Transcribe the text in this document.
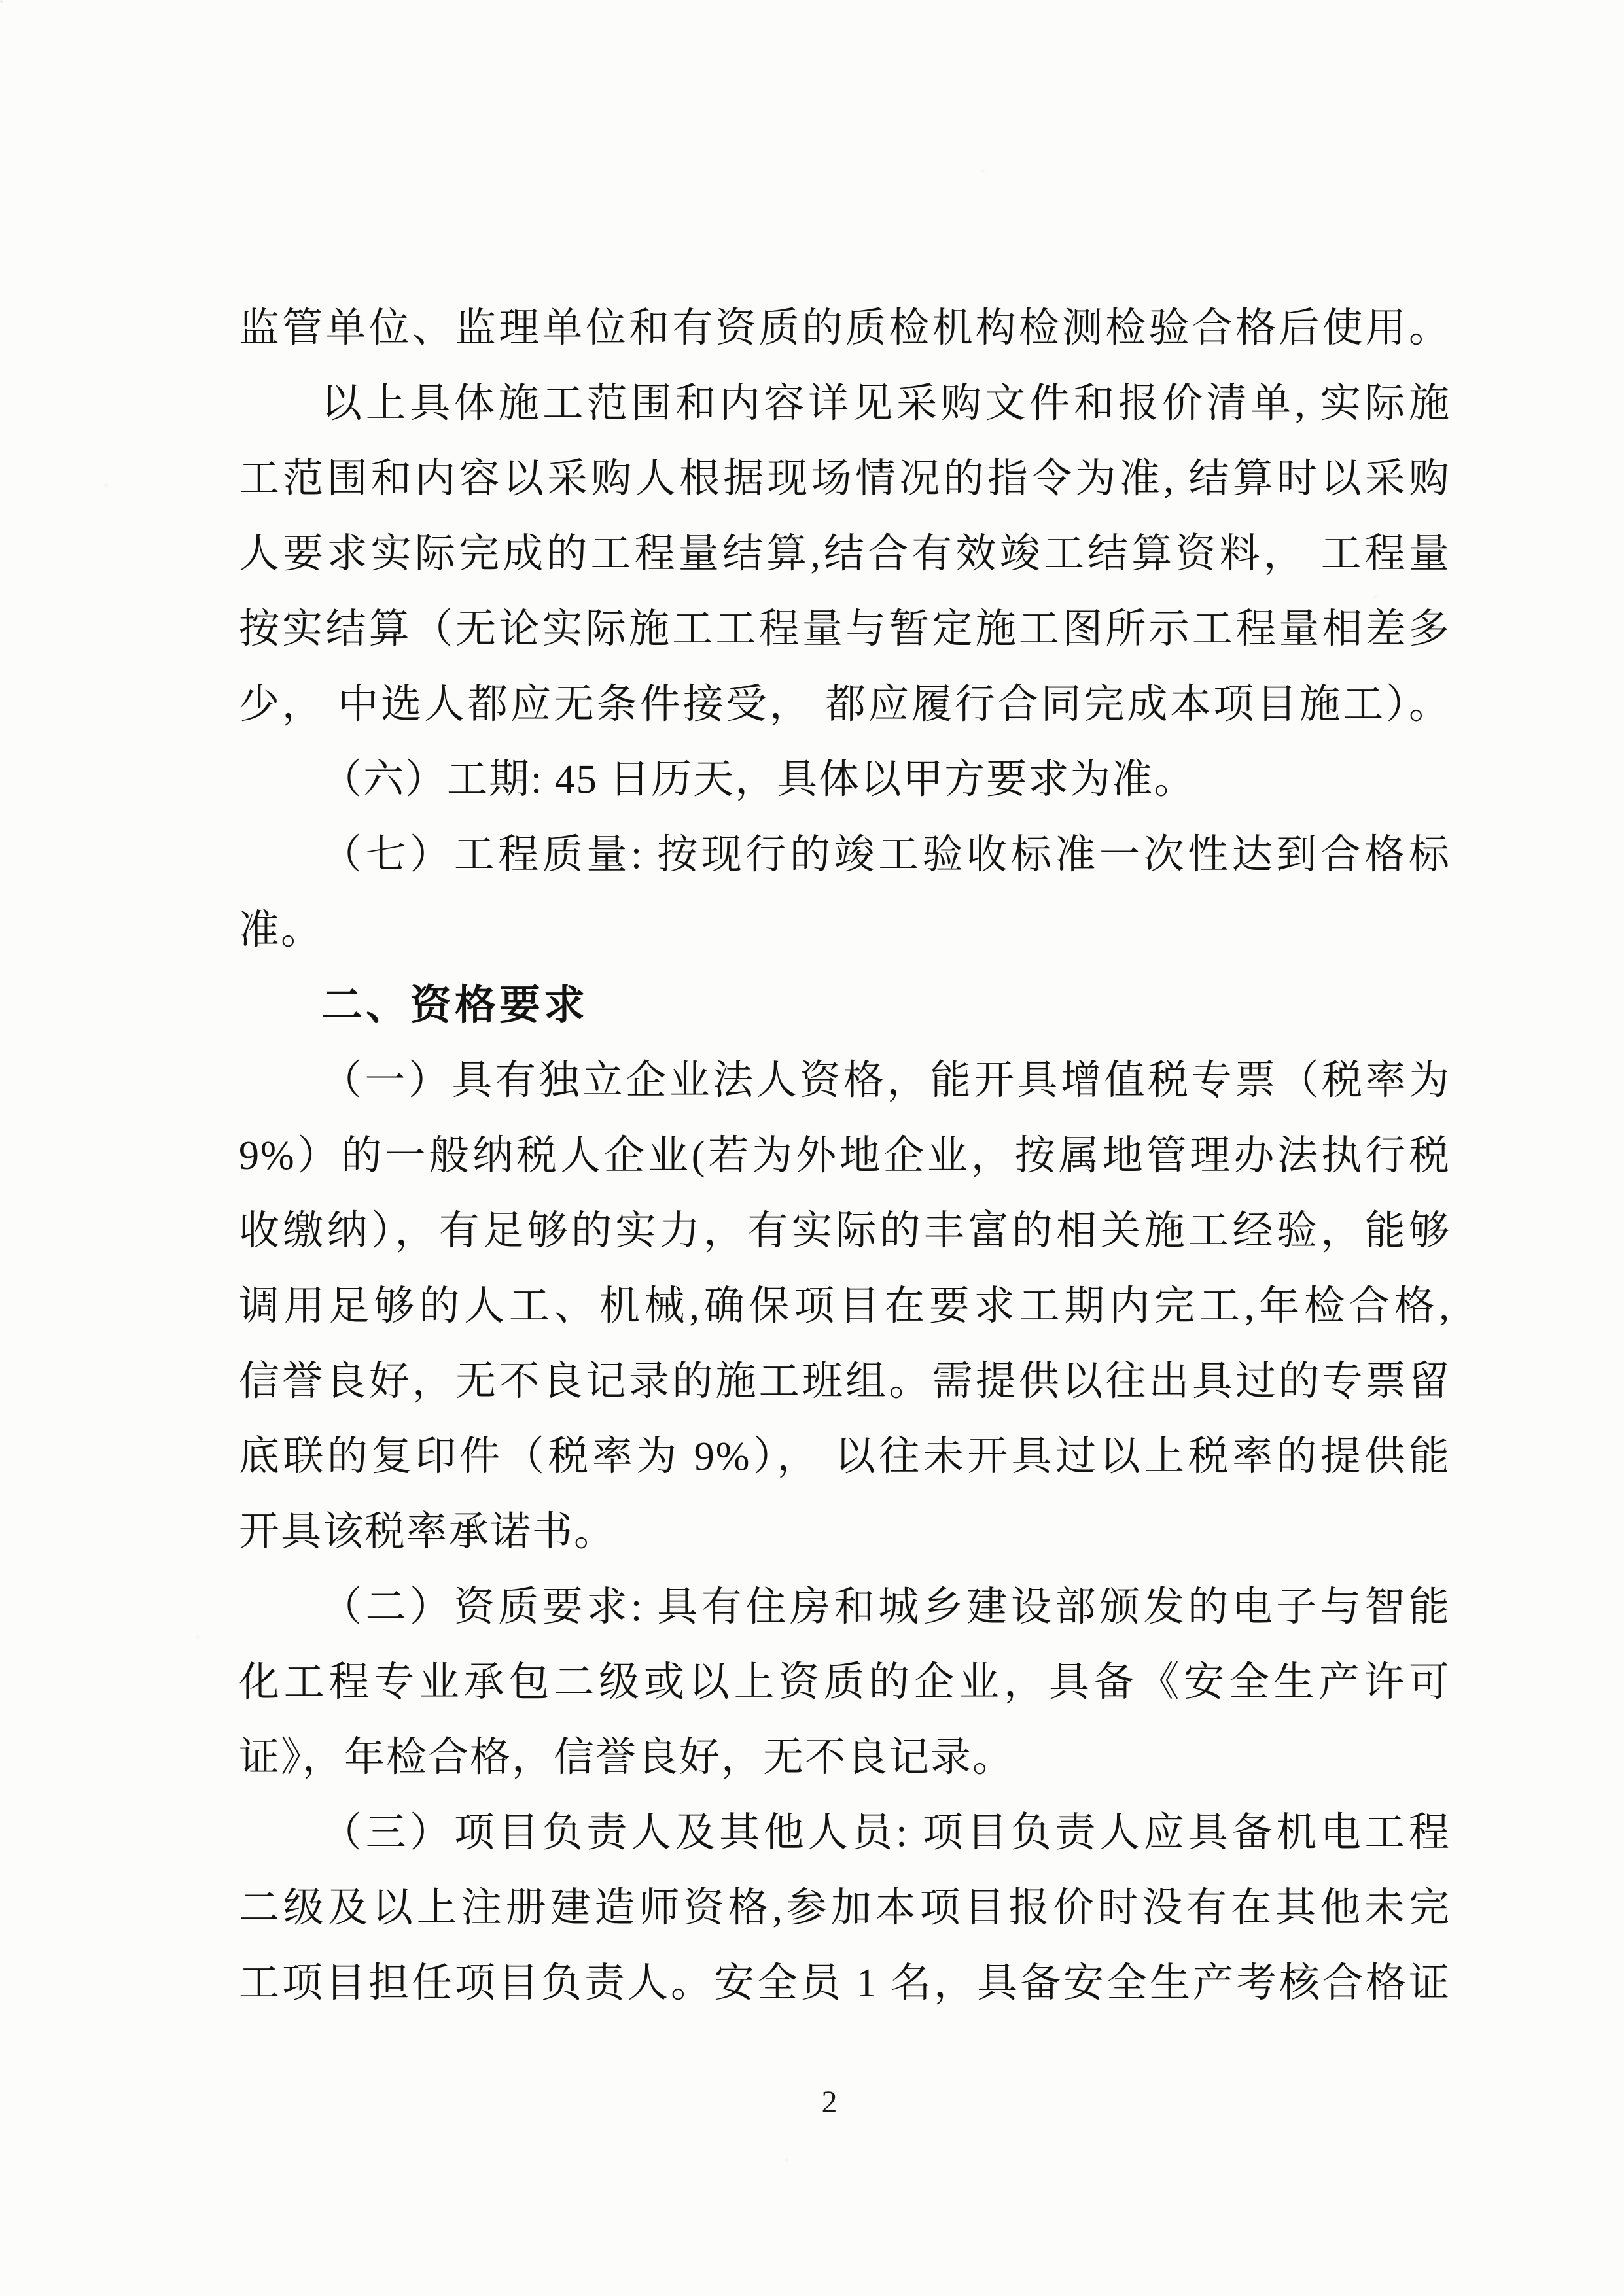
监管单位、监理单位和有资质的质检机构检测检验合格后使用。
以上具体施工范围和内容详见采购文件和报价清单, 实际施
工范围和内容以采购人根据现场情况的指令为准, 结算时以采购
人要求实际完成的工程量结算,结合有效竣工结算资料， 工程量
按实结算（无论实际施工工程量与暂定施工图所示工程量相差多
少， 中选人都应无条件接受， 都应履行合同完成本项目施工）。
（六）工期: 45 日历天，具体以甲方要求为准。
（七）工程质量: 按现行的竣工验收标准一次性达到合格标
准。
二、资格要求
（一）具有独立企业法人资格，能开具增值税专票（税率为
9%）的一般纳税人企业(若为外地企业，按属地管理办法执行税
收缴纳），有足够的实力，有实际的丰富的相关施工经验，能够
调用足够的人工、机械,确保项目在要求工期内完工,年检合格,
信誉良好，无不良记录的施工班组。需提供以往出具过的专票留
底联的复印件（税率为 9%）， 以往未开具过以上税率的提供能
开具该税率承诺书。
（二）资质要求: 具有住房和城乡建设部颁发的电子与智能
化工程专业承包二级或以上资质的企业，具备《安全生产许可
证》，年检合格，信誉良好，无不良记录。
（三）项目负责人及其他人员: 项目负责人应具备机电工程
二级及以上注册建造师资格,参加本项目报价时没有在其他未完
工项目担任项目负责人。安全员 1 名，具备安全生产考核合格证
2
